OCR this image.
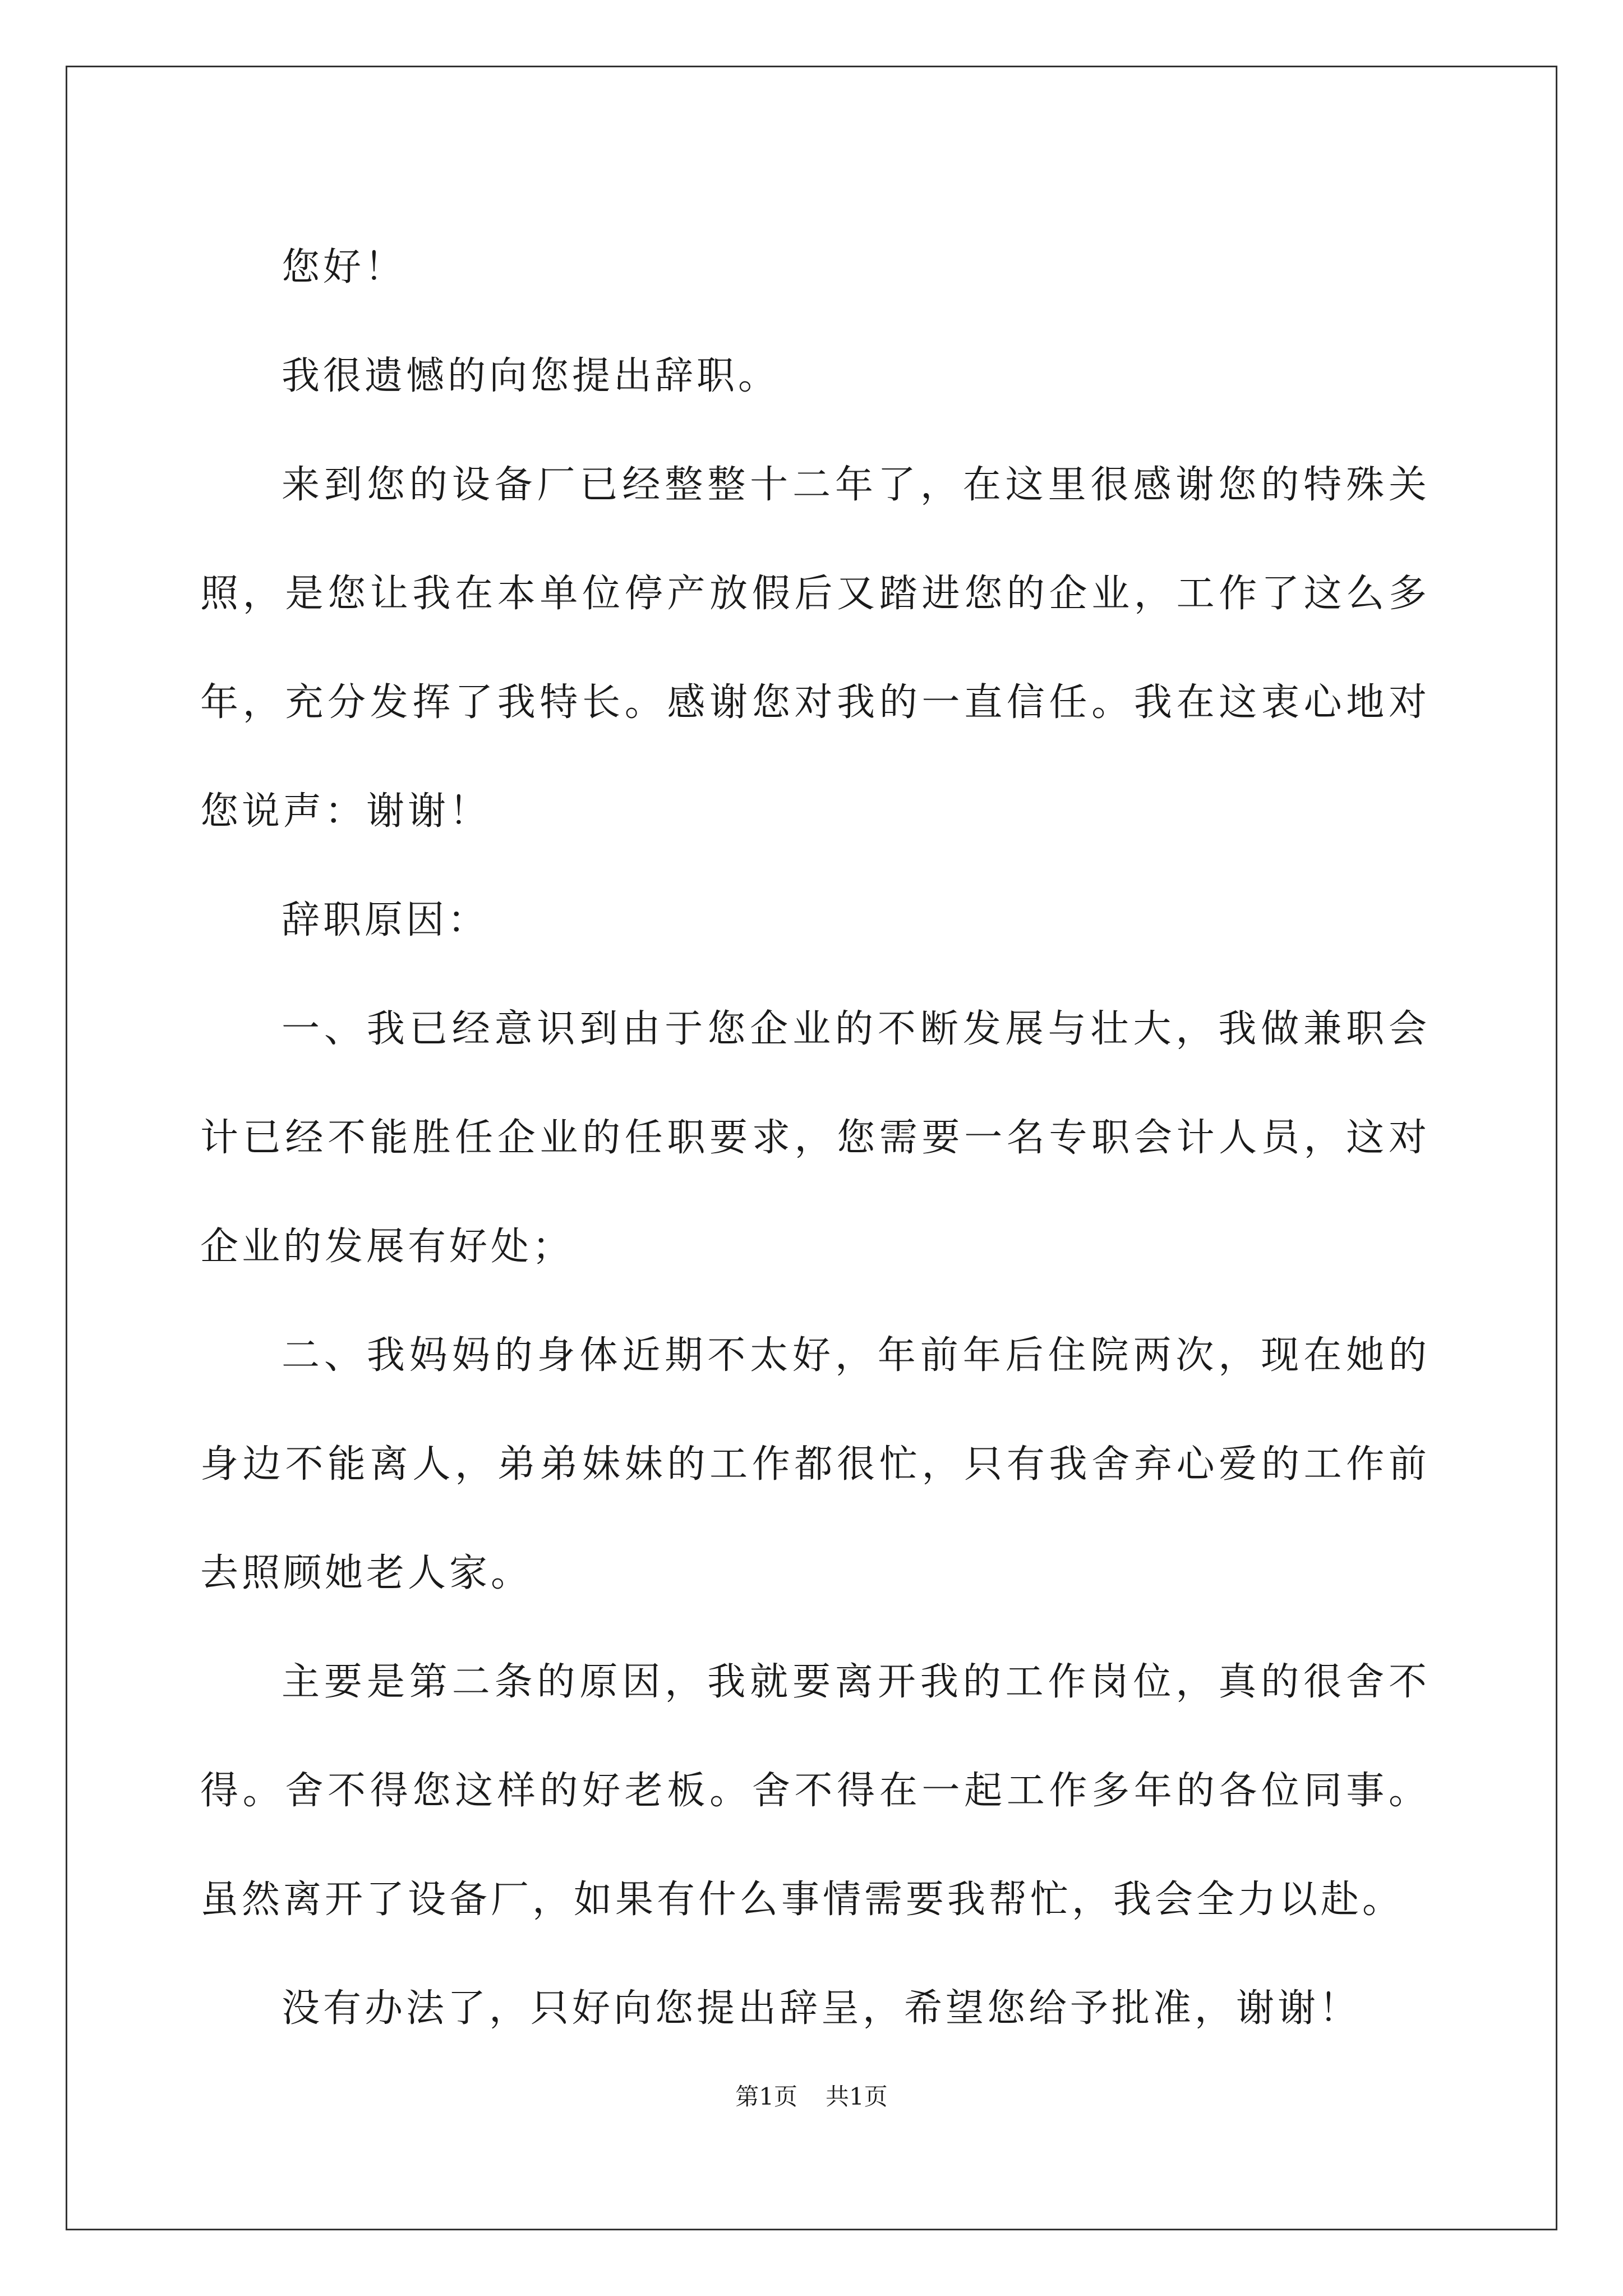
您好！

我很遗憾的向您提出辞职。

来到您的设备厂已经整整十二年了，在这里很感谢您的特殊关照，是您让我在本单位停产放假后又踏进您的企业，工作了这么多年，充分发挥了我特长。感谢您对我的一直信任。我在这衷心地对您说声：谢谢！

辞职原因：

一、我已经意识到由于您企业的不断发展与壮大，我做兼职会计已经不能胜任企业的任职要求，您需要一名专职会计人员，这对企业的发展有好处；

二、我妈妈的身体近期不太好，年前年后住院两次，现在她的身边不能离人，弟弟妹妹的工作都很忙，只有我舍弃心爱的工作前去照顾她老人家。

主要是第二条的原因，我就要离开我的工作岗位，真的很舍不得。舍不得您这样的好老板。舍不得在一起工作多年的各位同事。虽然离开了设备厂，如果有什么事情需要我帮忙，我会全力以赴。

没有办法了，只好向您提出辞呈，希望您给予批准，谢谢！

第1页 共1页
